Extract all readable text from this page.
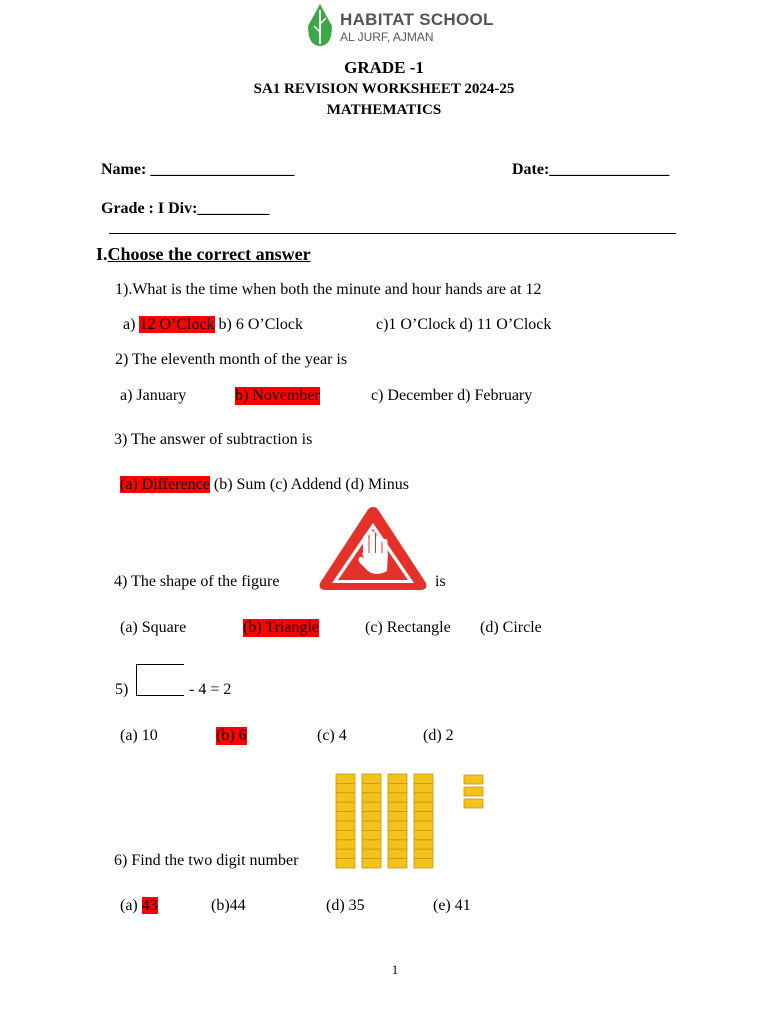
HABITAT SCHOOL
AL JURF, AJMAN
GRADE -1
SA1 REVISION WORKSHEET 2024-25
MATHEMATICS
Name: __________________	Date:_______________
Grade : I Div:_________
I.Choose the correct answer
1).What is the time when both the minute and hour hands are at 12
a) 12 O’Clock b) 6 O’Clock	c)1 O’Clock d) 11 O’Clock
2) The eleventh month of the year is
a) January	b) November	c) December d) February
3) The answer of subtraction is
(a) Difference (b) Sum (c) Addend (d) Minus
4) The shape of the figure	is
(a) Square	(b) Triangle	(c) Rectangle (d) Circle
5)	- 4 = 2
(a) 10	(b) 6	(c) 4	(d) 2
6) Find the two digit number
(a) 43	(b)44	(d) 35	(e) 41
1
